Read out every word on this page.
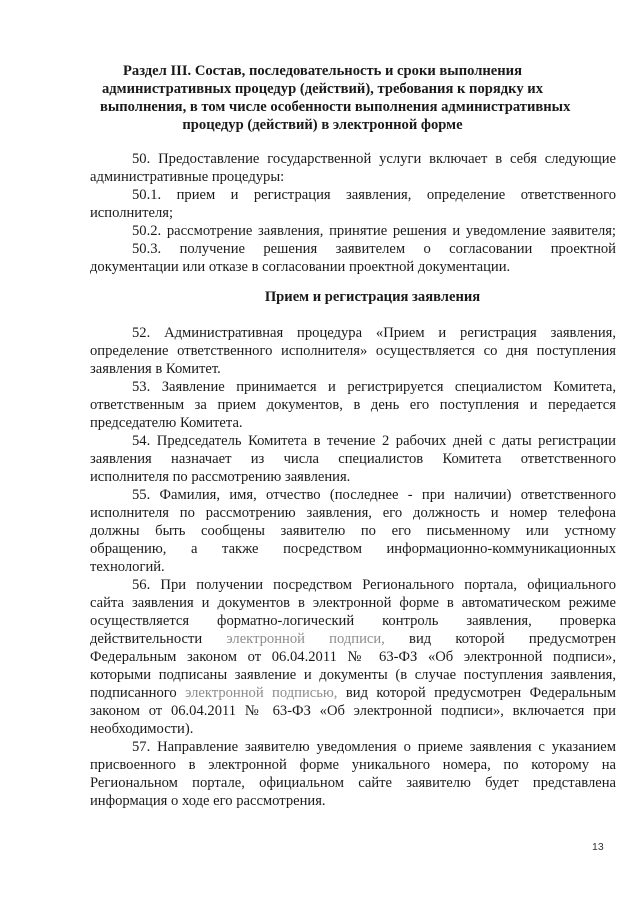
Раздел III. Состав, последовательность и сроки выполнения
административных процедур (действий), требования к порядку их
выполнения, в том числе особенности выполнения административных
процедур (действий) в электронной форме
50. Предоставление государственной услуги включает в себя следующие
административные процедуры:
50.1. прием и регистрация заявления, определение ответственного
исполнителя;
50.2. рассмотрение заявления, принятие решения и уведомление заявителя;
50.3. получение решения заявителем о согласовании проектной
документации или отказе в согласовании проектной документации.
Прием и регистрация заявления
52. Административная процедура «Прием и регистрация заявления,
определение ответственного исполнителя» осуществляется со дня поступления
заявления в Комитет.
53. Заявление принимается и регистрируется специалистом Комитета,
ответственным за прием документов, в день его поступления и передается
председателю Комитета.
54. Председатель Комитета в течение 2 рабочих дней с даты регистрации
заявления назначает из числа специалистов Комитета ответственного
исполнителя по рассмотрению заявления.
55. Фамилия, имя, отчество (последнее - при наличии) ответственного
исполнителя по рассмотрению заявления, его должность и номер телефона
должны быть сообщены заявителю по его письменному или устному
обращению, а также посредством информационно-коммуникационных
технологий.
56. При получении посредством Регионального портала, официального
сайта заявления и документов в электронной форме в автоматическом режиме
осуществляется форматно-логический контроль заявления, проверка
действительности электронной подписи, вид которой предусмотрен
Федеральным законом от 06.04.2011 № 63-ФЗ «Об электронной подписи»,
которыми подписаны заявление и документы (в случае поступления заявления,
подписанного электронной подписью, вид которой предусмотрен Федеральным
законом от 06.04.2011 № 63-ФЗ «Об электронной подписи», включается при
необходимости).
57. Направление заявителю уведомления о приеме заявления с указанием
присвоенного в электронной форме уникального номера, по которому на
Региональном портале, официальном сайте заявителю будет представлена
информация о ходе его рассмотрения.
13
